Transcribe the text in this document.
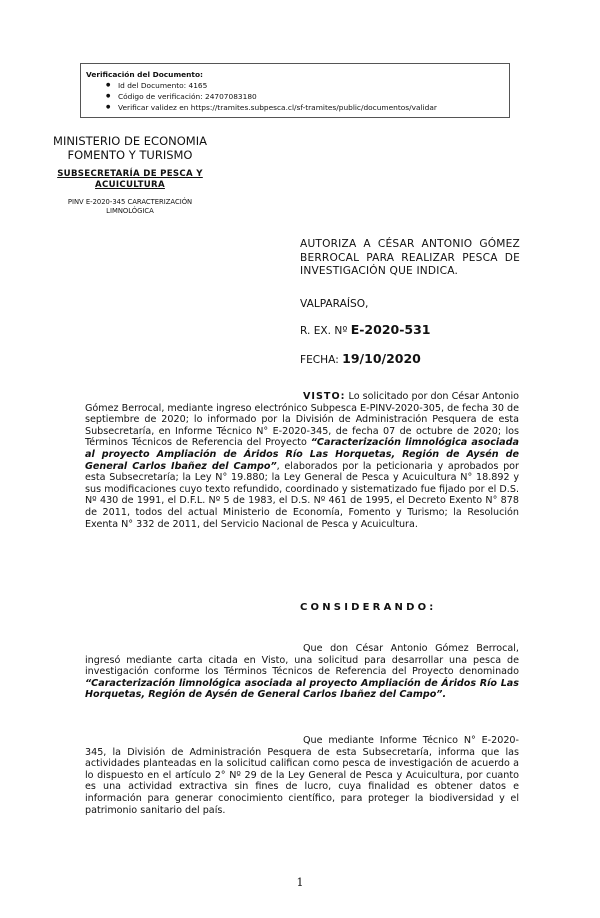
Verificación del Documento:
● Id del Documento: 4165
● Código de verificación: 24707083180
● Verificar validez en https://tramites.subpesca.cl/sf-tramites/public/documentos/validar
MINISTERIO DE ECONOMIA
FOMENTO Y TURISMO
SUBSECRETARÍA DE PESCA Y
ACUICULTURA
PINV E-2020-345 CARACTERIZACIÓN
LIMNOLÓGICA
AUTORIZA A CÉSAR ANTONIO GÓMEZ BERROCAL PARA REALIZAR PESCA DE INVESTIGACIÓN QUE INDICA.
VALPARAÍSO,
R. EX. Nº E-2020-531
FECHA: 19/10/2020

VISTO: Lo solicitado por don César Antonio Gómez Berrocal, mediante ingreso electrónico Subpesca E-PINV-2020-305, de fecha 30 de septiembre de 2020; lo informado por la División de Administración Pesquera de esta Subsecretaría, en Informe Técnico N° E-2020-345, de fecha 07 de octubre de 2020; los Términos Técnicos de Referencia del Proyecto “Caracterización limnológica asociada al proyecto Ampliación de Áridos Río Las Horquetas, Región de Aysén de General Carlos Ibañez del Campo”, elaborados por la peticionaria y aprobados por esta Subsecretaría; la Ley N° 19.880; la Ley General de Pesca y Acuicultura N° 18.892 y sus modificaciones cuyo texto refundido, coordinado y sistematizado fue fijado por el D.S. Nº 430 de 1991, el D.F.L. Nº 5 de 1983, el D.S. Nº 461 de 1995, el Decreto Exento N° 878 de 2011, todos del actual Ministerio de Economía, Fomento y Turismo; la Resolución Exenta N° 332 de 2011, del Servicio Nacional de Pesca y Acuicultura.

CONSIDERANDO:

Que don César Antonio Gómez Berrocal, ingresó mediante carta citada en Visto, una solicitud para desarrollar una pesca de investigación conforme los Términos Técnicos de Referencia del Proyecto denominado “Caracterización limnológica asociada al proyecto Ampliación de Áridos Río Las Horquetas, Región de Aysén de General Carlos Ibañez del Campo”.

Que mediante Informe Técnico N° E-2020-345, la División de Administración Pesquera de esta Subsecretaría, informa que las actividades planteadas en la solicitud califican como pesca de investigación de acuerdo a lo dispuesto en el artículo 2° Nº 29 de la Ley General de Pesca y Acuicultura, por cuanto es una actividad extractiva sin fines de lucro, cuya finalidad es obtener datos e información para generar conocimiento científico, para proteger la biodiversidad y el patrimonio sanitario del país.

1
